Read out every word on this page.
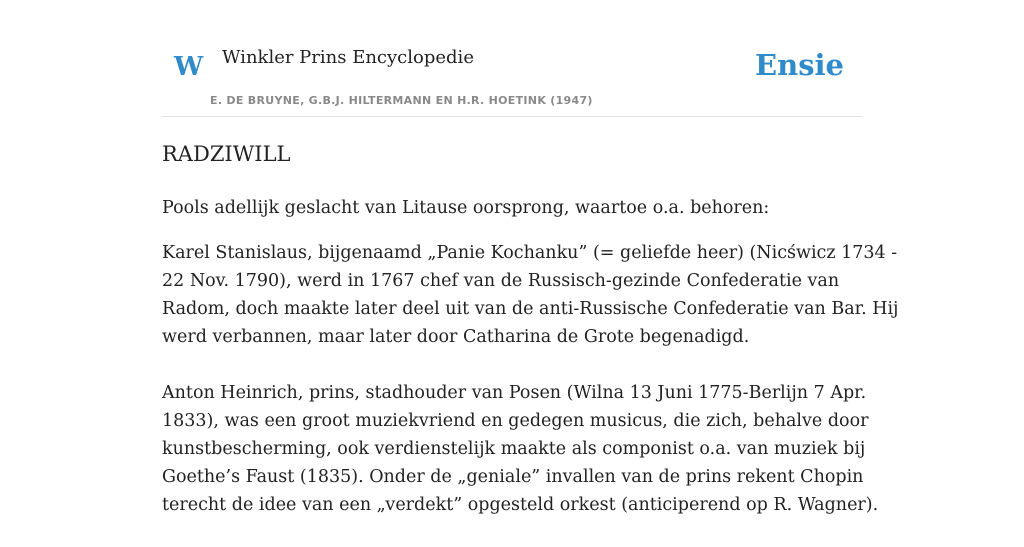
W Winkler Prins Encyclopedie
E. DE BRUYNE, G.B.J. HILTERMANN EN H.R. HOETINK (1947)
Ensie
RADZIWILL

Pools adellijk geslacht van Litause oorsprong, waartoe o.a. behoren:

Karel Stanislaus, bijgenaamd „Panie Kochanku” (= geliefde heer) (Nicświcz 1734 -
22 Nov. 1790), werd in 1767 chef van de Russisch-gezinde Confederatie van
Radom, doch maakte later deel uit van de anti-Russische Confederatie van Bar. Hij
werd verbannen, maar later door Catharina de Grote begenadigd.

Anton Heinrich, prins, stadhouder van Posen (Wilna 13 Juni 1775-Berlijn 7 Apr.
1833), was een groot muziekvriend en gedegen musicus, die zich, behalve door
kunstbescherming, ook verdienstelijk maakte als componist o.a. van muziek bij
Goethe’s Faust (1835). Onder de „geniale” invallen van de prins rekent Chopin
terecht de idee van een „verdekt” opgesteld orkest (anticiperend op R. Wagner).
